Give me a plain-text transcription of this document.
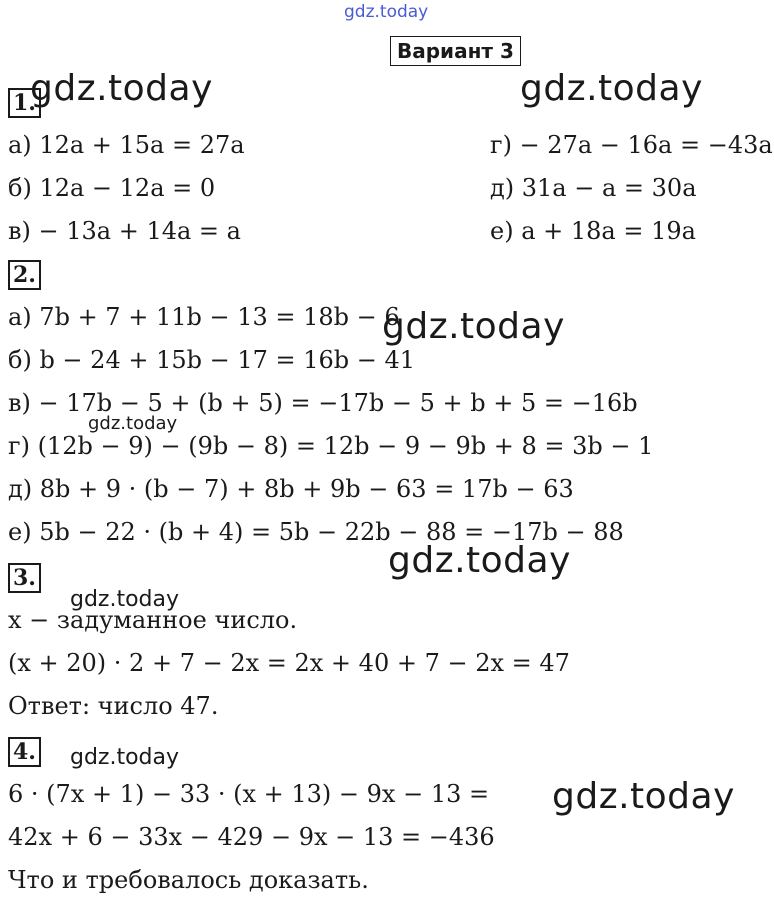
gdz.today
Вариант 3
gdz.today	gdz.today
gdz.today
gdz.today
gdz.today
gdz.today
gdz.today
gdz.today
1.
а) 12a + 15a = 27a
б) 12a − 12a = 0
в) − 13a + 14a = a
г) − 27a − 16a = −43a
д) 31a − a = 30a
е) a + 18a = 19a
2.
а) 7b + 7 + 11b − 13 = 18b − 6
б) b − 24 + 15b − 17 = 16b − 41
в) − 17b − 5 + (b + 5) = −17b − 5 + b + 5 = −16b
г) (12b − 9) − (9b − 8) = 12b − 9 − 9b + 8 = 3b − 1
д) 8b + 9 · (b − 7) + 8b + 9b − 63 = 17b − 63
е) 5b − 22 · (b + 4) = 5b − 22b − 88 = −17b − 88
3.
x − задуманное число.
(x + 20) · 2 + 7 − 2x = 2x + 40 + 7 − 2x = 47
Ответ: число 47.
4.
6 · (7x + 1) − 33 · (x + 13) − 9x − 13 =
42x + 6 − 33x − 429 − 9x − 13 = −436
Что и требовалось доказать.
